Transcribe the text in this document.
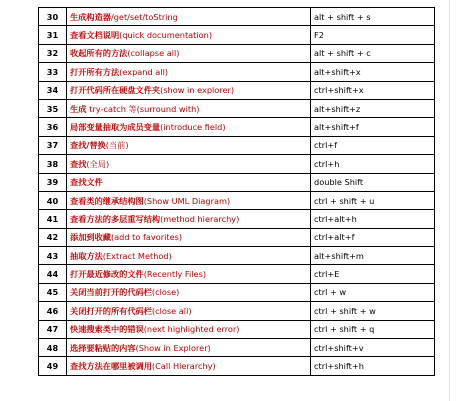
30	生成构造器/get/set/toString	alt + shift + s
31	查看文档说明(quick documentation)	F2
32	收起所有的方法(collapse all)	alt + shift + c
33	打开所有方法(expand all)	alt+shift+x
34	打开代码所在硬盘文件夹(show in explorer)	ctrl+shift+x
35	生成 try-catch 等(surround with)	alt+shift+z
36	局部变量抽取为成员变量(introduce field)	alt+shift+f
37	查找/替换(当前)	ctrl+f
38	查找(全局)	ctrl+h
39	查找文件	double Shift
40	查看类的继承结构图(Show UML Diagram)	ctrl + shift + u
41	查看方法的多层重写结构(method hierarchy)	ctrl+alt+h
42	添加到收藏(add to favorites)	ctrl+alt+f
43	抽取方法(Extract Method)	alt+shift+m
44	打开最近修改的文件(Recently Files)	ctrl+E
45	关闭当前打开的代码栏(close)	ctrl + w
46	关闭打开的所有代码栏(close all)	ctrl + shift + w
47	快速搜索类中的错误(next highlighted error)	ctrl + shift + q
48	选择要粘贴的内容(Show in Explorer)	ctrl+shift+v
49	查找方法在哪里被调用(Call Hierarchy)	ctrl+shift+h
